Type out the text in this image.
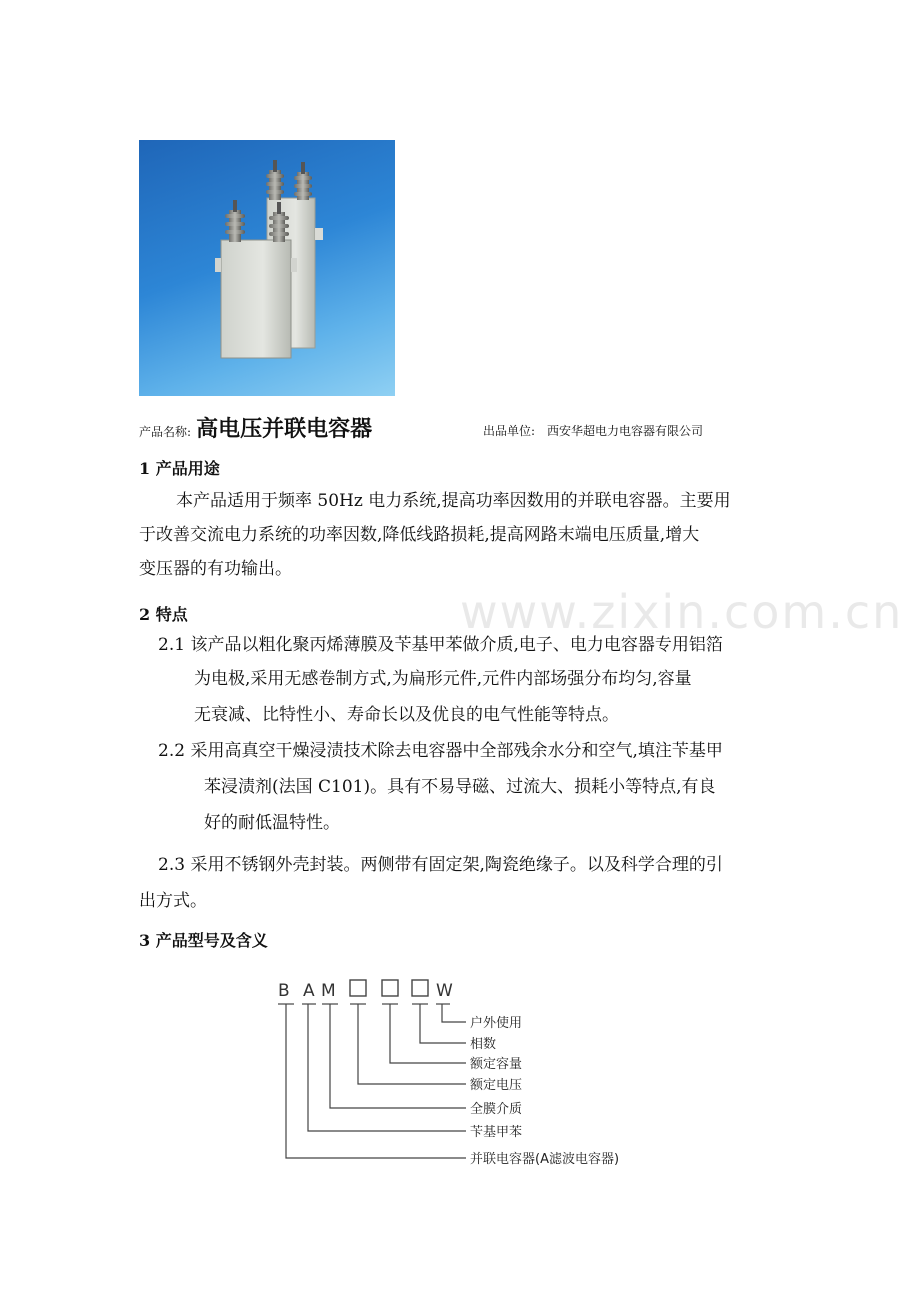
产品名称: 高电压并联电容器	出品单位: 西安华超电力电容器有限公司
www.zixin.com.cn
1 产品用途
本产品适用于频率 50Hz 电力系统,提高功率因数用的并联电容器。主要用
于改善交流电力系统的功率因数,降低线路损耗,提高网路末端电压质量,增大
变压器的有功输出。
2 特点
2.1 该产品以粗化聚丙烯薄膜及苄基甲苯做介质,电子、电力电容器专用铝箔
为电极,采用无感卷制方式,为扁形元件,元件内部场强分布均匀,容量
无衰减、比特性小、寿命长以及优良的电气性能等特点。
2.2 采用高真空干燥浸渍技术除去电容器中全部残余水分和空气,填注苄基甲
苯浸渍剂(法国 C101)。具有不易导磁、过流大、损耗小等特点,有良
好的耐低温特性。
2.3 采用不锈钢外壳封装。两侧带有固定架,陶瓷绝缘子。以及科学合理的引
出方式。
3 产品型号及含义
B A M	W
户外使用
相数
额定容量
额定电压
全膜介质
苄基甲苯
并联电容器(A滤波电容器)
